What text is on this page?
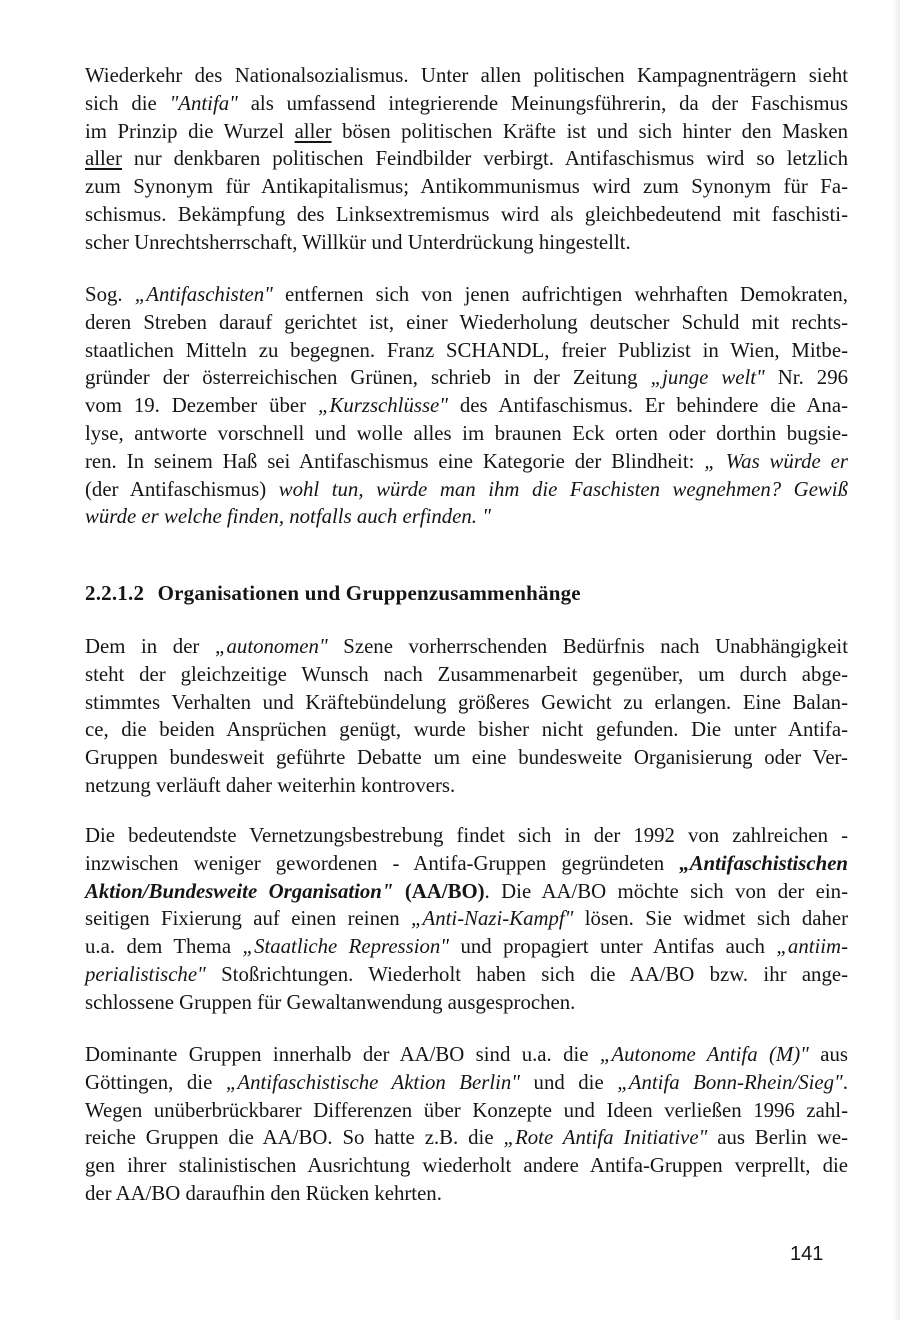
Wiederkehr des Nationalsozialismus. Unter allen politischen Kampagnenträgern sieht
sich die "Antifa" als umfassend integrierende Meinungsführerin, da der Faschismus
im Prinzip die Wurzel aller bösen politischen Kräfte ist und sich hinter den Masken
aller nur denkbaren politischen Feindbilder verbirgt. Antifaschismus wird so letzlich
zum Synonym für Antikapitalismus; Antikommunismus wird zum Synonym für Fa-
schismus. Bekämpfung des Linksextremismus wird als gleichbedeutend mit faschisti-
scher Unrechtsherrschaft, Willkür und Unterdrückung hingestellt.

Sog. „Antifaschisten" entfernen sich von jenen aufrichtigen wehrhaften Demokraten,
deren Streben darauf gerichtet ist, einer Wiederholung deutscher Schuld mit rechts-
staatlichen Mitteln zu begegnen. Franz SCHANDL, freier Publizist in Wien, Mitbe-
gründer der österreichischen Grünen, schrieb in der Zeitung „junge welt" Nr. 296
vom 19. Dezember über „Kurzschlüsse" des Antifaschismus. Er behindere die Ana-
lyse, antworte vorschnell und wolle alles im braunen Eck orten oder dorthin bugsie-
ren. In seinem Haß sei Antifaschismus eine Kategorie der Blindheit: „ Was würde er
(der Antifaschismus) wohl tun, würde man ihm die Faschisten wegnehmen? Gewiß
würde er welche finden, notfalls auch erfinden. "

2.2.1.2 Organisationen und Gruppenzusammenhänge

Dem in der „autonomen" Szene vorherrschenden Bedürfnis nach Unabhängigkeit
steht der gleichzeitige Wunsch nach Zusammenarbeit gegenüber, um durch abge-
stimmtes Verhalten und Kräftebündelung größeres Gewicht zu erlangen. Eine Balan-
ce, die beiden Ansprüchen genügt, wurde bisher nicht gefunden. Die unter Antifa-
Gruppen bundesweit geführte Debatte um eine bundesweite Organisierung oder Ver-
netzung verläuft daher weiterhin kontrovers.

Die bedeutendste Vernetzungsbestrebung findet sich in der 1992 von zahlreichen -
inzwischen weniger gewordenen - Antifa-Gruppen gegründeten „Antifaschistischen
Aktion/Bundesweite Organisation" (AA/BO). Die AA/BO möchte sich von der ein-
seitigen Fixierung auf einen reinen „Anti-Nazi-Kampf" lösen. Sie widmet sich daher
u.a. dem Thema „Staatliche Repression" und propagiert unter Antifas auch „antiim-
perialistische" Stoßrichtungen. Wiederholt haben sich die AA/BO bzw. ihr ange-
schlossene Gruppen für Gewaltanwendung ausgesprochen.

Dominante Gruppen innerhalb der AA/BO sind u.a. die „Autonome Antifa (M)" aus
Göttingen, die „Antifaschistische Aktion Berlin" und die „Antifa Bonn-Rhein/Sieg".
Wegen unüberbrückbarer Differenzen über Konzepte und Ideen verließen 1996 zahl-
reiche Gruppen die AA/BO. So hatte z.B. die „Rote Antifa Initiative" aus Berlin we-
gen ihrer stalinistischen Ausrichtung wiederholt andere Antifa-Gruppen verprellt, die
der AA/BO daraufhin den Rücken kehrten.

141
